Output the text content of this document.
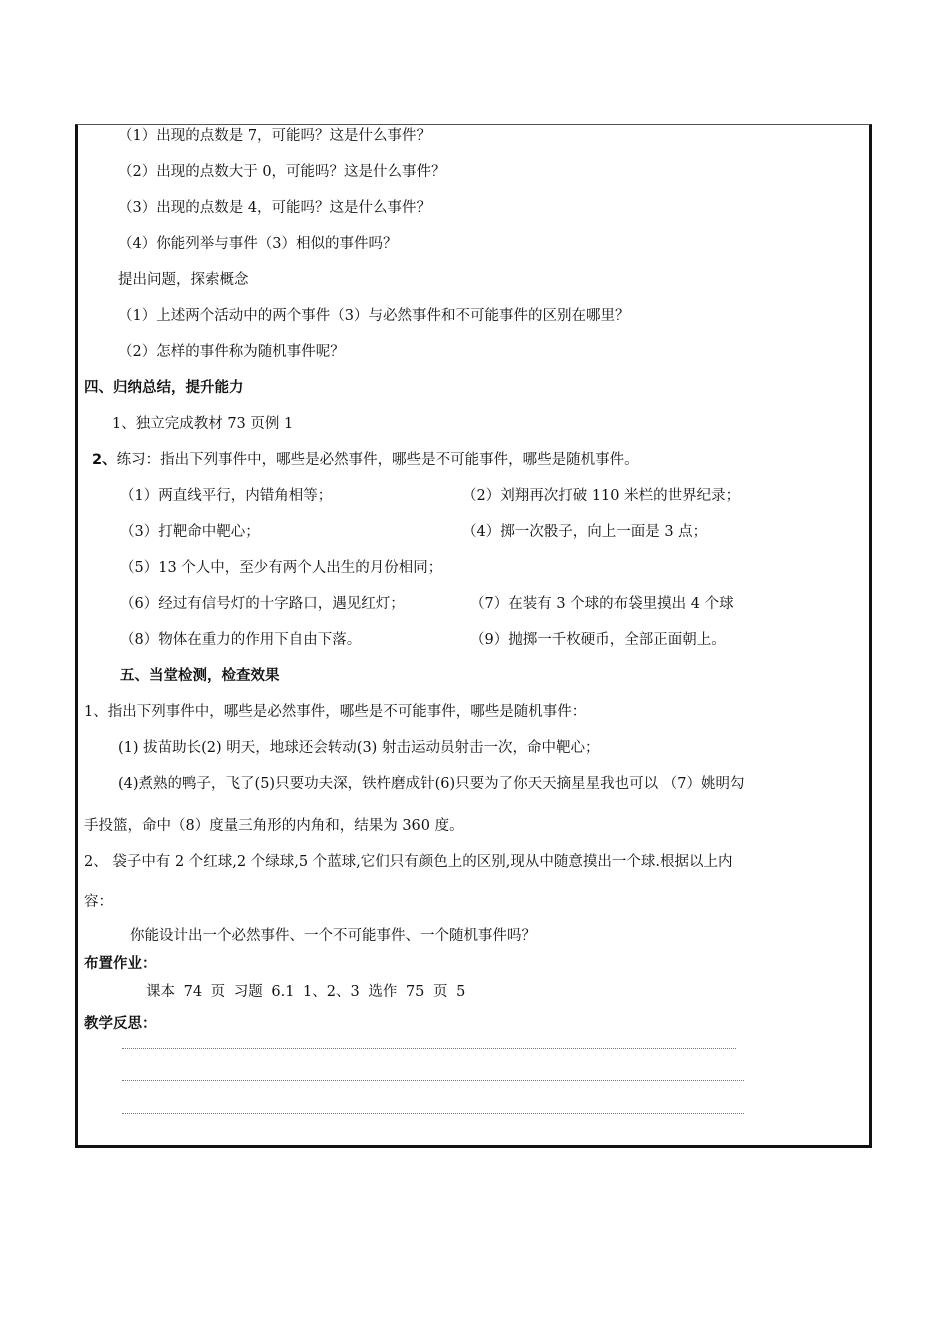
（1）出现的点数是 7，可能吗？这是什么事件？
（2）出现的点数大于 0，可能吗？这是什么事件？
（3）出现的点数是 4，可能吗？这是什么事件？
（4）你能列举与事件（3）相似的事件吗？
提出问题，探索概念
（1）上述两个活动中的两个事件（3）与必然事件和不可能事件的区别在哪里？
（2）怎样的事件称为随机事件呢？
四、归纳总结，提升能力
1、独立完成教材 73 页例 1
2、练习：指出下列事件中，哪些是必然事件，哪些是不可能事件，哪些是随机事件。
（1）两直线平行，内错角相等；	（2）刘翔再次打破 110 米栏的世界纪录；
（3）打靶命中靶心；	（4）掷一次骰子，向上一面是 3 点；
（5）13 个人中，至少有两个人出生的月份相同；
（6）经过有信号灯的十字路口，遇见红灯；	（7）在装有 3 个球的布袋里摸出 4 个球
（8）物体在重力的作用下自由下落。	（9）抛掷一千枚硬币，全部正面朝上。
五、当堂检测，检查效果
1、指出下列事件中，哪些是必然事件，哪些是不可能事件，哪些是随机事件：
(1) 拔苗助长(2) 明天，地球还会转动(3) 射击运动员射击一次，命中靶心；
(4)煮熟的鸭子，飞了(5)只要功夫深，铁杵磨成针(6)只要为了你天天摘星星我也可以 （7）姚明勾
手投篮，命中（8）度量三角形的内角和，结果为 360 度。
2、 袋子中有 2 个红球,2 个绿球,5 个蓝球,它们只有颜色上的区别,现从中随意摸出一个球.根据以上内
容：
你能设计出一个必然事件、一个不可能事件、一个随机事件吗？
布置作业：
课本 74 页 习题 6.1 1、2、3 选作 75 页 5
教学反思：
